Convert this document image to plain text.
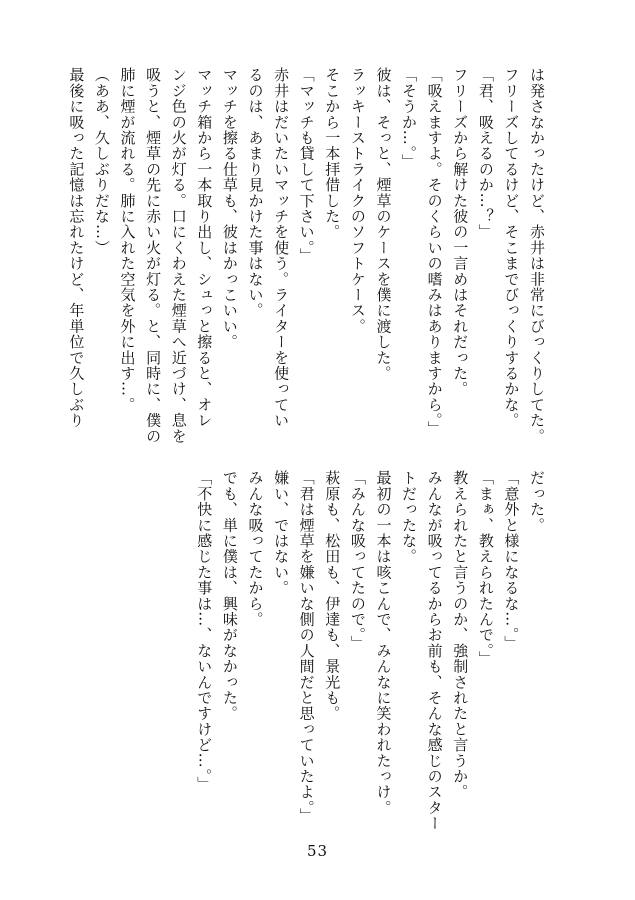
は発さなかったけど、赤井は非常にびっくりしてた。
フリーズしてるけど、そこまでびっくりするかな。
「君、吸えるのか…？」
フリーズから解けた彼の一言めはそれだった。
「吸えますよ。そのくらいの嗜みはありますから。」
「そうか…。」
彼は、そっと、煙草のケースを僕に渡した。
ラッキーストライクのソフトケース。
そこから一本拝借した。
「マッチも貸して下さい。」
赤井はだいたいマッチを使う。ライターを使ってい
るのは、あまり見かけた事はない。
マッチを擦る仕草も、彼はかっこいい。
マッチ箱から一本取り出し、シュっと擦ると、オレ
ンジ色の火が灯る。口にくわえた煙草へ近づけ、息を
吸うと、煙草の先に赤い火が灯る。と、同時に、僕の
肺に煙が流れる。肺に入れた空気を外に出す…。
（ああ、久しぶりだな…）
最後に吸った記憶は忘れたけど、年単位で久しぶり
だった。
「意外と様になるな…。」
「まぁ、教えられたんで。」
教えられたと言うのか、強制されたと言うか。
みんなが吸ってるからお前も、そんな感じのスター
トだったな。
最初の一本は咳こんで、みんなに笑われたっけ。
「みんな吸ってたので。」
萩原も、松田も、伊達も、景光も。
「君は煙草を嫌いな側の人間だと思っていたよ。」
嫌い、ではない。
みんな吸ってたから。
でも、単に僕は、興味がなかった。
「不快に感じた事は…、ないんですけど…。」
53
